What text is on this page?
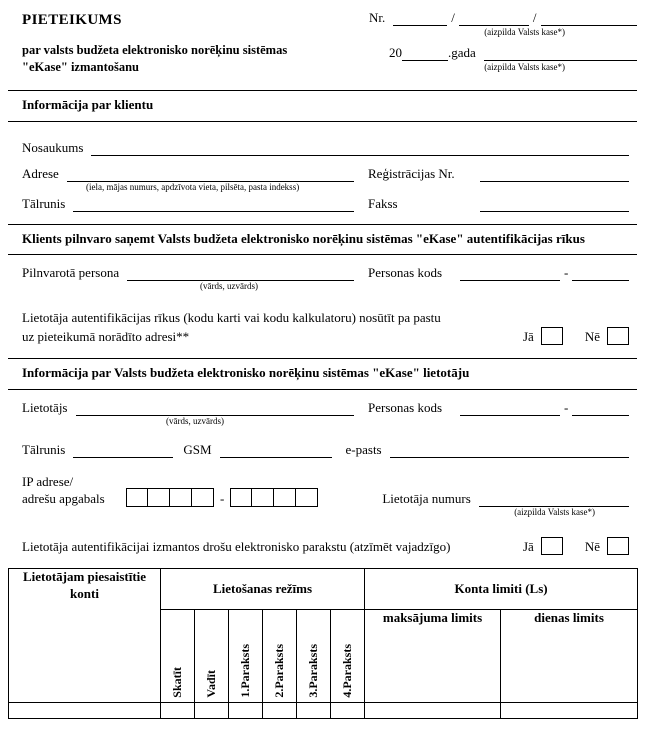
PIETEIKUMS
par valsts budžeta elektronisko norēķinu sistēmas
"eKase" izmantošanu
Nr.	/	/
(aizpilda Valsts kase*)
20	.gada
(aizpilda Valsts kase*)
Informācija par klientu
Nosaukums
Adrese	Reģistrācijas Nr.
(iela, mājas numurs, apdzīvota vieta, pilsēta, pasta indekss)
Tālrunis	Fakss
Klients pilnvaro saņemt Valsts budžeta elektronisko norēķinu sistēmas "eKase" autentifikācijas rīkus
Pilnvarotā persona	Personas kods	-
(vārds, uzvārds)
Lietotāja autentifikācijas rīkus (kodu karti vai kodu kalkulatoru) nosūtīt pa pastu
uz pieteikumā norādīto adresi**	Jā	Nē
Informācija par Valsts budžeta elektronisko norēķinu sistēmas "eKase" lietotāju
Lietotājs	Personas kods	-
(vārds, uzvārds)
Tālrunis	GSM	e-pasts
IP adrese/
adrešu apgabals	-	Lietotāja numurs
(aizpilda Valsts kase*)
Lietotāja autentifikācijai izmantos drošu elektronisko parakstu (atzīmēt vajadzīgo)	Jā	Nē
Lietotājam piesaistītie konti	Lietošanas režīms						Konta limiti (Ls)	

	Skatīt	Vadīt	1.Paraksts	2.Paraksts	3.Paraksts	4.Paraksts	maksājuma limits	dienas limits
